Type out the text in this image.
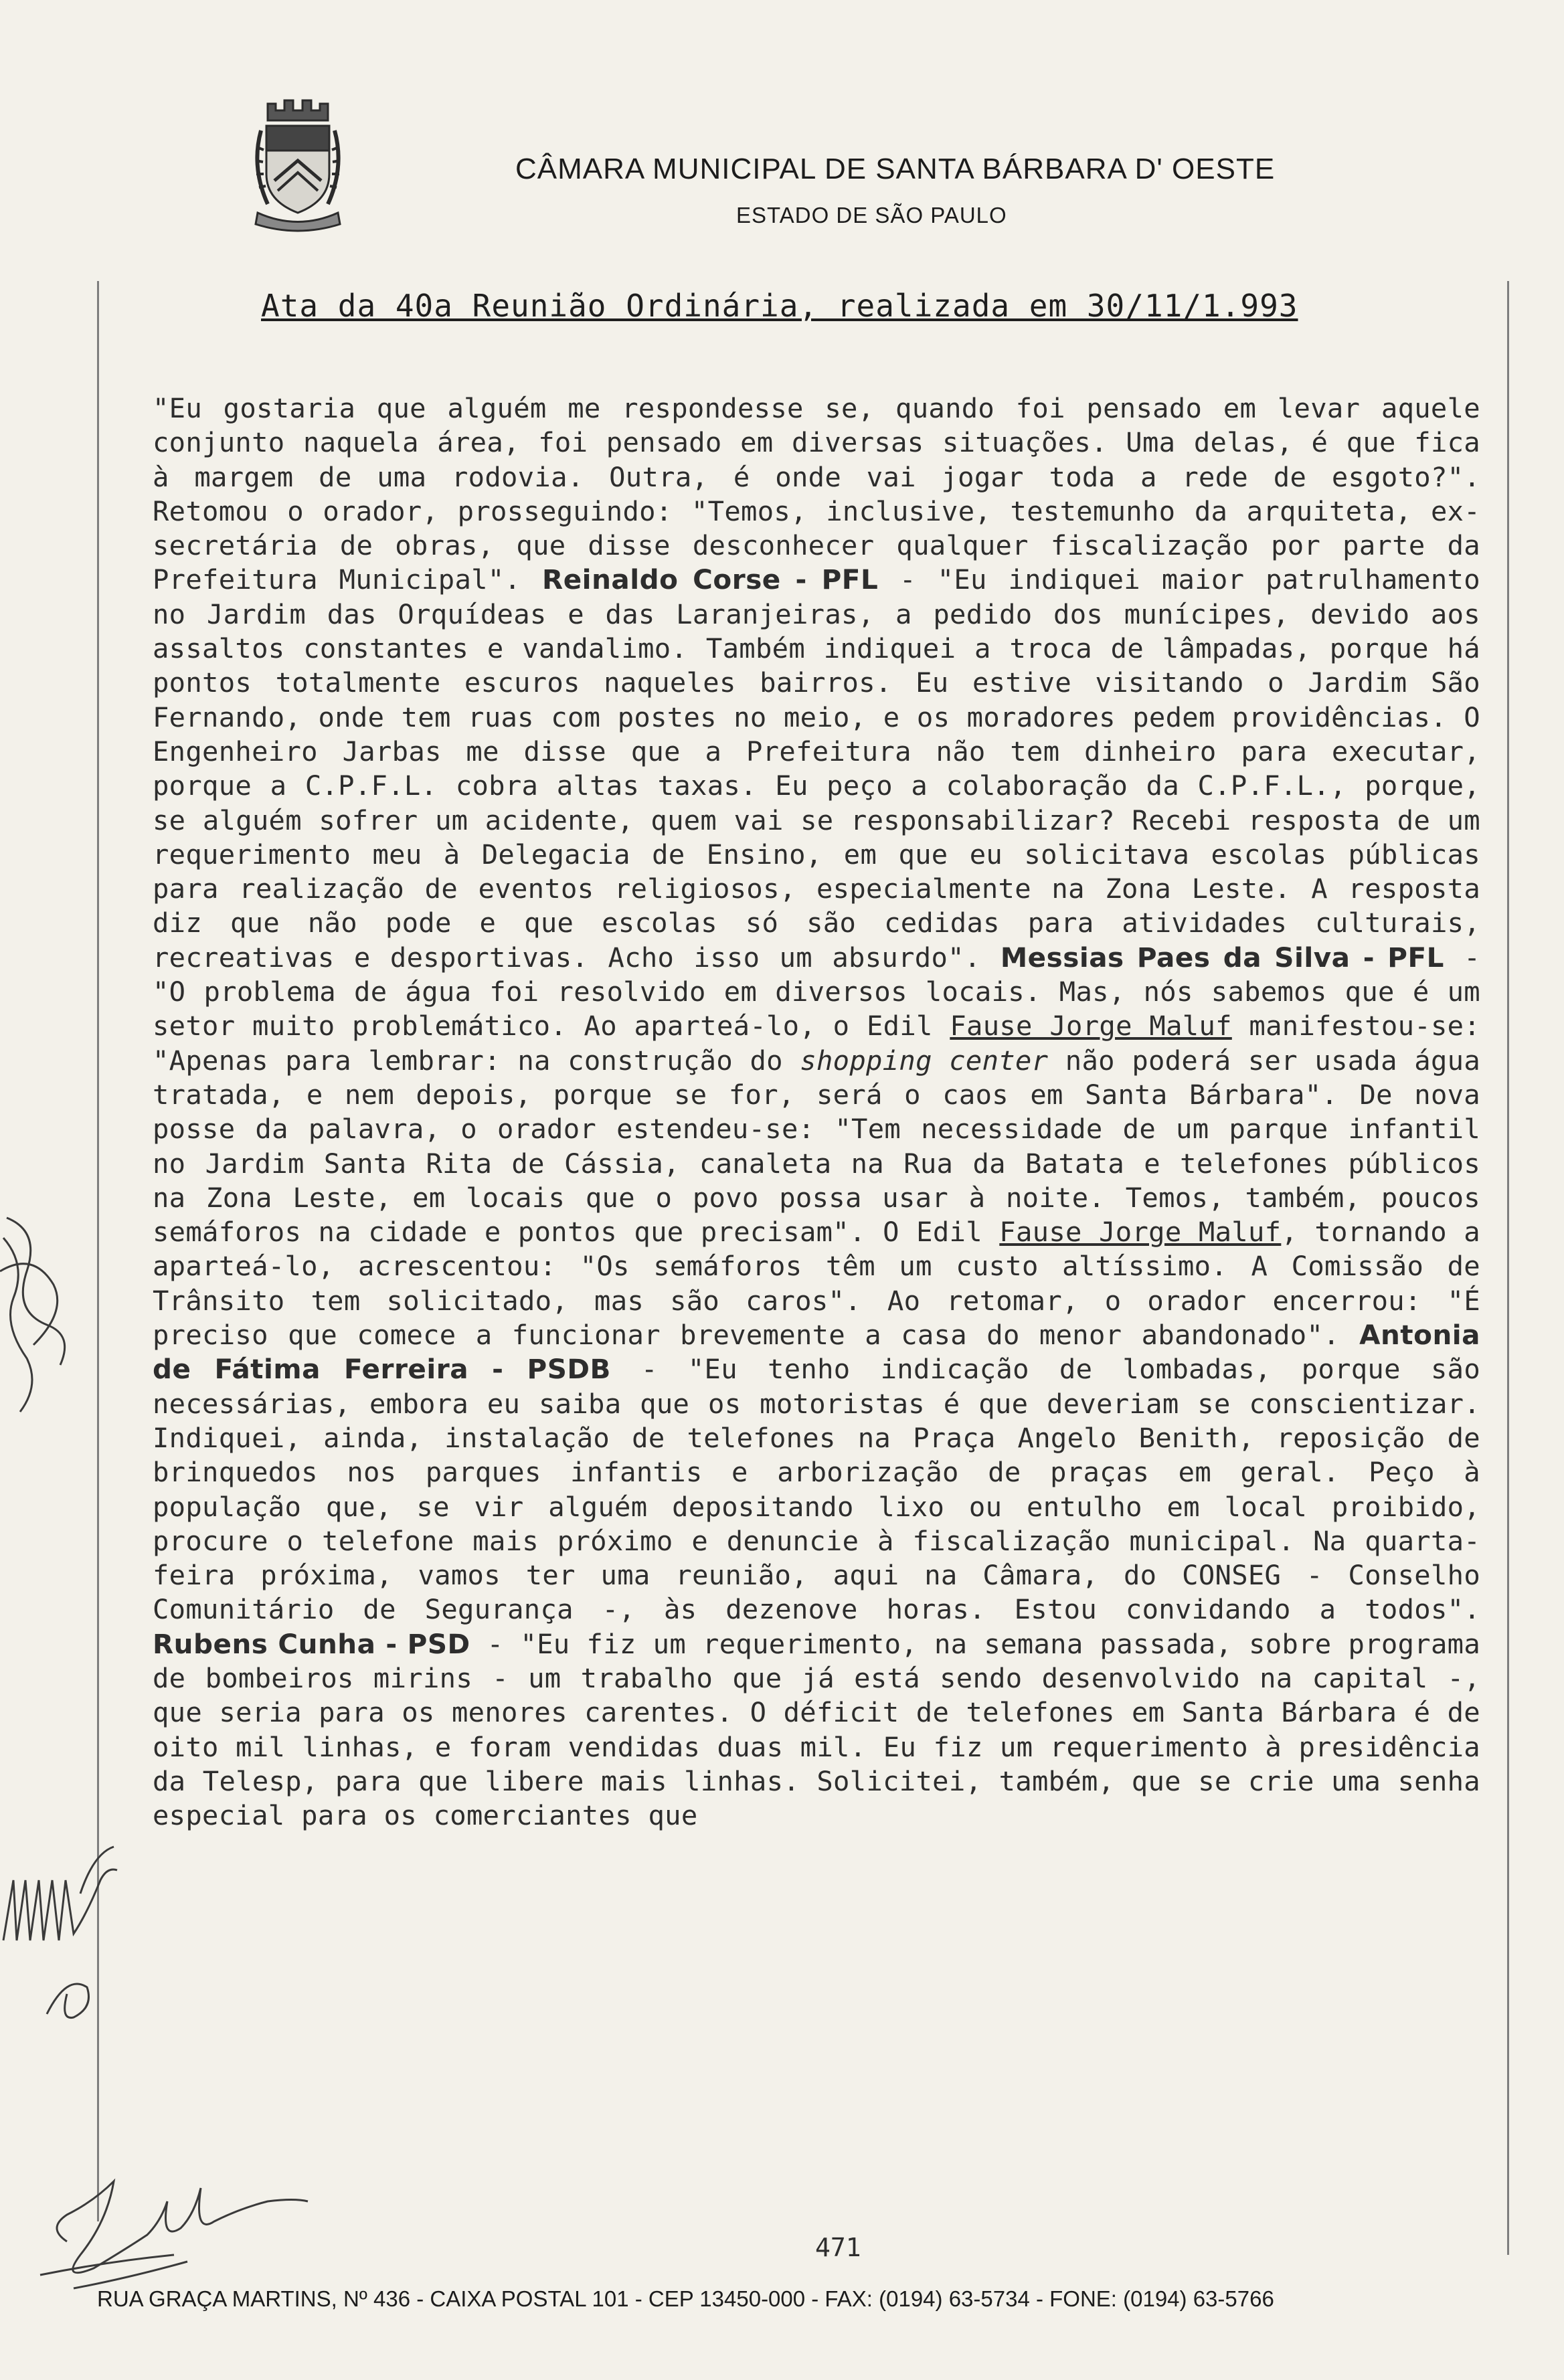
CÂMARA MUNICIPAL DE SANTA BÁRBARA D' OESTE
ESTADO DE SÃO PAULO
Ata da 40a Reunião Ordinária, realizada em 30/11/1.993
"Eu gostaria que alguém me respondesse se, quando foi pensado em levar aquele conjunto naquela área, foi pensado em diversas situações. Uma delas, é que fica à margem de uma rodovia. Outra, é onde vai jogar toda a rede de esgoto?". Retomou o orador, prosseguindo: "Temos, inclusive, testemunho da arquiteta, ex-secretária de obras, que disse desconhecer qualquer fiscalização por parte da Prefeitura Municipal". Reinaldo Corse - PFL - "Eu indiquei maior patrulhamento no Jardim das Orquídeas e das Laranjeiras, a pedido dos munícipes, devido aos assaltos constantes e vandalimo. Também indiquei a troca de lâmpadas, porque há pontos totalmente escuros naqueles bairros. Eu estive visitando o Jardim São Fernando, onde tem ruas com postes no meio, e os moradores pedem providências. O Engenheiro Jarbas me disse que a Prefeitura não tem dinheiro para executar, porque a C.P.F.L. cobra altas taxas. Eu peço a colaboração da C.P.F.L., porque, se alguém sofrer um acidente, quem vai se responsabilizar? Recebi resposta de um requerimento meu à Delegacia de Ensino, em que eu solicitava escolas públicas para realização de eventos religiosos, especialmente na Zona Leste. A resposta diz que não pode e que escolas só são cedidas para atividades culturais, recreativas e desportivas. Acho isso um absurdo". Messias Paes da Silva - PFL - "O problema de água foi resolvido em diversos locais. Mas, nós sabemos que é um setor muito problemático. Ao aparteá-lo, o Edil Fause Jorge Maluf manifestou-se: "Apenas para lembrar: na construção do shopping center não poderá ser usada água tratada, e nem depois, porque se for, será o caos em Santa Bárbara". De nova posse da palavra, o orador estendeu-se: "Tem necessidade de um parque infantil no Jardim Santa Rita de Cássia, canaleta na Rua da Batata e telefones públicos na Zona Leste, em locais que o povo possa usar à noite. Temos, também, poucos semáforos na cidade e pontos que precisam". O Edil Fause Jorge Maluf, tornando a aparteá-lo, acrescentou: "Os semáforos têm um custo altíssimo. A Comissão de Trânsito tem solicitado, mas são caros". Ao retomar, o orador encerrou: "É preciso que comece a funcionar brevemente a casa do menor abandonado". Antonia de Fátima Ferreira - PSDB - "Eu tenho indicação de lombadas, porque são necessárias, embora eu saiba que os motoristas é que deveriam se conscientizar. Indiquei, ainda, instalação de telefones na Praça Angelo Benith, reposição de brinquedos nos parques infantis e arborização de praças em geral. Peço à população que, se vir alguém depositando lixo ou entulho em local proibido, procure o telefone mais próximo e denuncie à fiscalização municipal. Na quarta-feira próxima, vamos ter uma reunião, aqui na Câmara, do CONSEG - Conselho Comunitário de Segurança -, às dezenove horas. Estou convidando a todos". Rubens Cunha - PSD - "Eu fiz um requerimento, na semana passada, sobre programa de bombeiros mirins - um trabalho que já está sendo desenvolvido na capital -, que seria para os menores carentes. O déficit de telefones em Santa Bárbara é de oito mil linhas, e foram vendidas duas mil. Eu fiz um requerimento à presidência da Telesp, para que libere mais linhas. Solicitei, também, que se crie uma senha especial para os comerciantes que
471
RUA GRAÇA MARTINS, Nº 436 - CAIXA POSTAL 101 - CEP 13450-000 - FAX: (0194) 63-5734 - FONE: (0194) 63-5766
